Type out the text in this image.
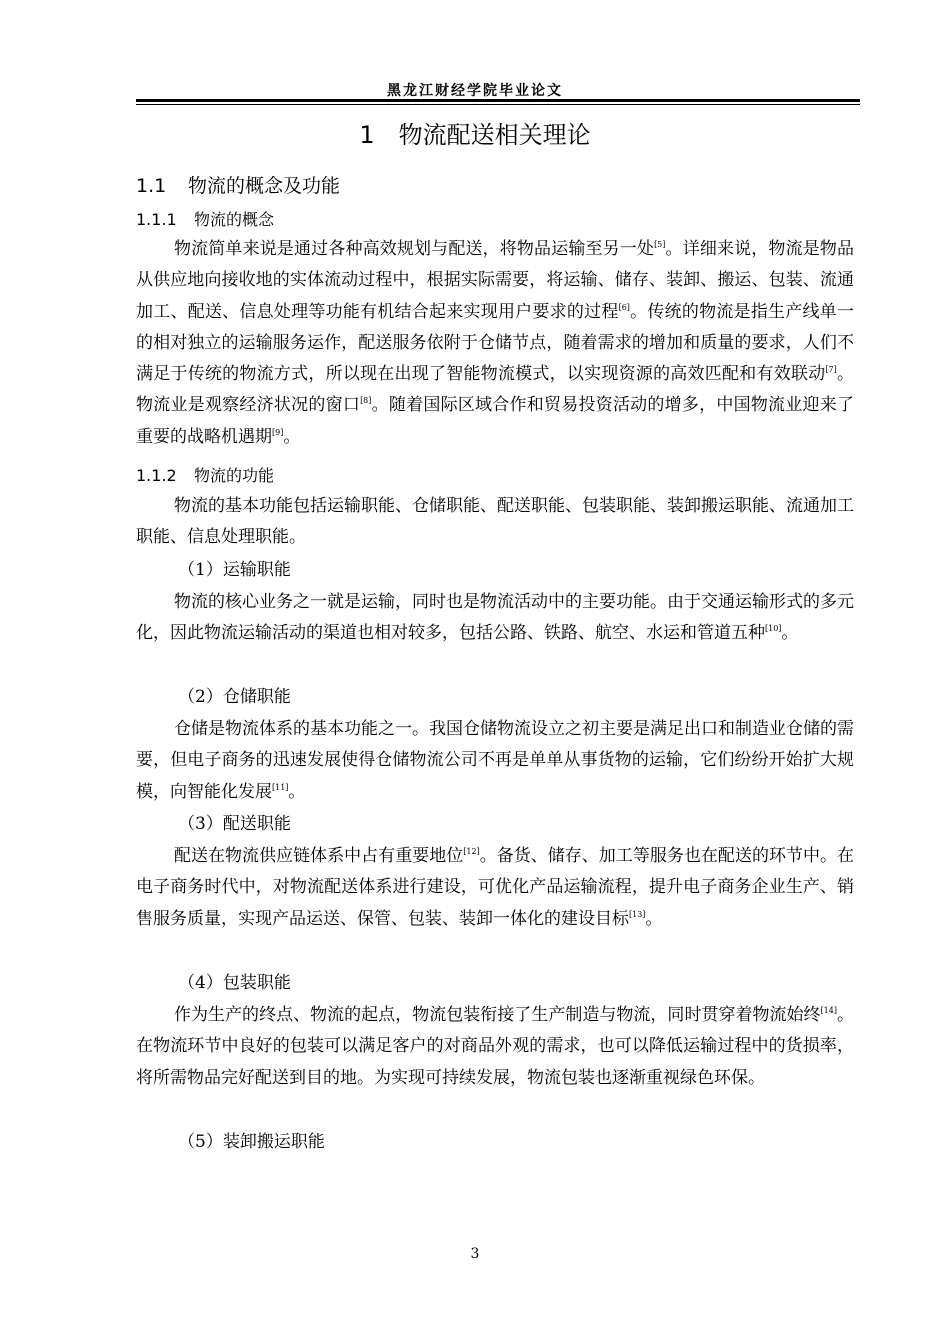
黑龙江财经学院毕业论文
1 物流配送相关理论
1.1 物流的概念及功能
1.1.1 物流的概念

物流简单来说是通过各种高效规划与配送，将物品运输至另一处[5]。详细来说，物流是物品从供应地向接收地的实体流动过程中，根据实际需要，将运输、储存、装卸、搬运、包装、流通加工、配送、信息处理等功能有机结合起来实现用户要求的过程[6]。传统的物流是指生产线单一的相对独立的运输服务运作，配送服务依附于仓储节点，随着需求的增加和质量的要求，人们不满足于传统的物流方式，所以现在出现了智能物流模式，以实现资源的高效匹配和有效联动[7]。物流业是观察经济状况的窗口[8]。随着国际区域合作和贸易投资活动的增多，中国物流业迎来了重要的战略机遇期[9]。

1.1.2 物流的功能

物流的基本功能包括运输职能、仓储职能、配送职能、包装职能、装卸搬运职能、流通加工职能、信息处理职能。

（1）运输职能

物流的核心业务之一就是运输，同时也是物流活动中的主要功能。由于交通运输形式的多元化，因此物流运输活动的渠道也相对较多，包括公路、铁路、航空、水运和管道五种[10]。

（2）仓储职能

仓储是物流体系的基本功能之一。我国仓储物流设立之初主要是满足出口和制造业仓储的需要，但电子商务的迅速发展使得仓储物流公司不再是单单从事货物的运输，它们纷纷开始扩大规模，向智能化发展[11]。

（3）配送职能

配送在物流供应链体系中占有重要地位[12]。备货、储存、加工等服务也在配送的环节中。在电子商务时代中，对物流配送体系进行建设，可优化产品运输流程，提升电子商务企业生产、销售服务质量，实现产品运送、保管、包装、装卸一体化的建设目标[13]。

（4）包装职能

作为生产的终点、物流的起点，物流包装衔接了生产制造与物流，同时贯穿着物流始终[14]。在物流环节中良好的包装可以满足客户的对商品外观的需求，也可以降低运输过程中的货损率，将所需物品完好配送到目的地。为实现可持续发展，物流包装也逐渐重视绿色环保。

（5）装卸搬运职能
3
